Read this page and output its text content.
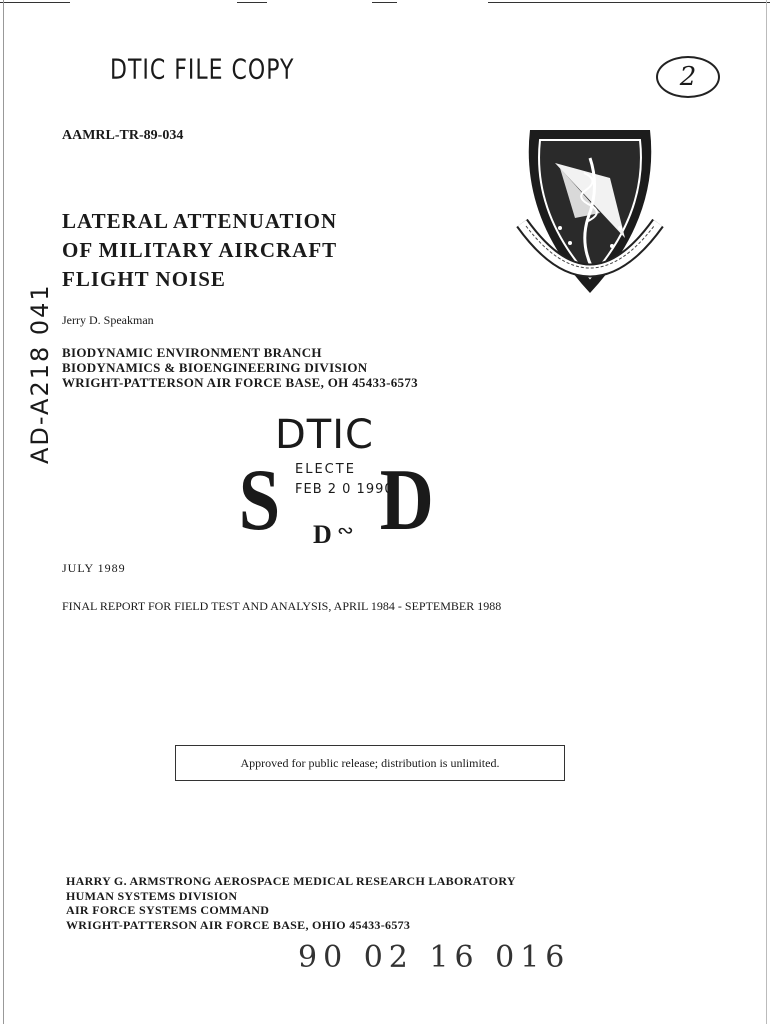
DTIC FILE COPY	2
AAMRL-TR-89-034
AD-A218 041
LATERAL ATTENUATION
OF MILITARY AIRCRAFT
FLIGHT NOISE
Jerry D. Speakman
BIODYNAMIC ENVIRONMENT BRANCH
BIODYNAMICS & BIOENGINEERING DIVISION
WRIGHT-PATTERSON AIR FORCE BASE, OH 45433-6573
DTIC
S ELECTE
FEB 2 0 1990
D
D ∾
JULY 1989
FINAL REPORT FOR FIELD TEST AND ANALYSIS, APRIL 1984 - SEPTEMBER 1988
Approved for public release; distribution is unlimited.
HARRY G. ARMSTRONG AEROSPACE MEDICAL RESEARCH LABORATORY
HUMAN SYSTEMS DIVISION
AIR FORCE SYSTEMS COMMAND
WRIGHT-PATTERSON AIR FORCE BASE, OHIO 45433-6573
90 02 16 016
